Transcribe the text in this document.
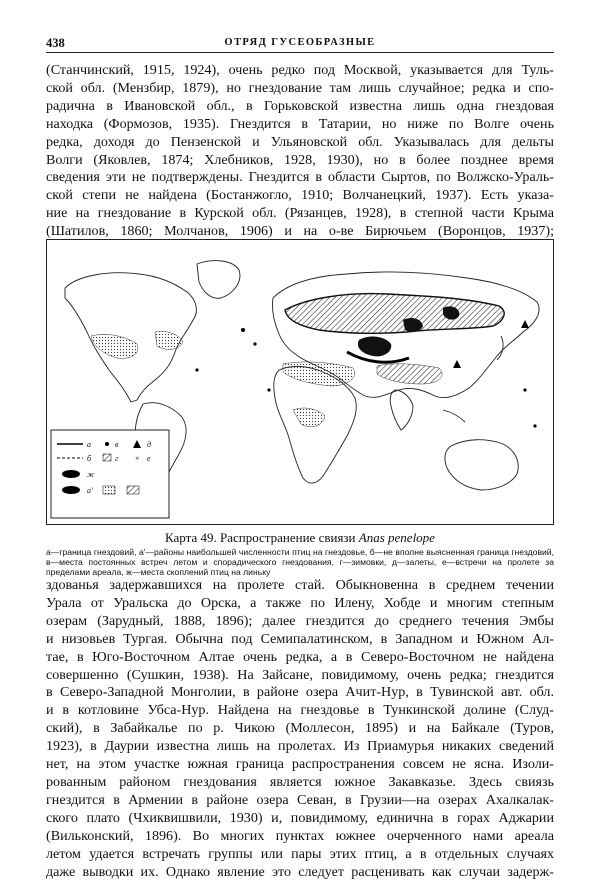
438	ОТРЯД ГУСЕОБРАЗНЫЕ
(Станчинский, 1915, 1924), очень редко под Москвой, указывается для Туль-
ской обл. (Мензбир, 1879), но гнездование там лишь случайное; редка и спо-
радична в Ивановской обл., в Горьковской известна лишь одна гнездовая
находка (Формозов, 1935). Гнездится в Татарии, но ниже по Волге очень
редка, доходя до Пензенской и Ульяновской обл. Указывалась для дельты
Волги (Яковлев, 1874; Хлебников, 1928, 1930), но в более позднее время
сведения эти не подтверждены. Гнездится в области Сыртов, по Волжско-Ураль-
ской степи не найдена (Бостанжогло, 1910; Волчанецкий, 1937). Есть указа-
ние на гнездование в Курской обл. (Рязанцев, 1928), в степной части Крыма
(Шатилов, 1860; Молчанов, 1906) и на о-ве Бирючьем (Воронцов, 1937);
а
б
в
г
д
× е
ж
а'
Карта 49. Распространение свиязи Anas penelope
а—граница гнездовий, а'—районы наибольшей численности птиц на гнездовье, б—не вполне выясненная граница гнездовий, в—места постоянных встреч летом и спорадического гнездования, г—зимовки, д—залеты, е—встречи на пролете за пределами ареала, ж—места скоплений птиц на линьку
здованья задержавшихся на пролете стай. Обыкновенна в среднем течении
Урала от Уральска до Орска, а также по Илену, Хобде и многим степным
озерам (Зарудный, 1888, 1896); далее гнездится до среднего течения Эмбы
и низовьев Тургая. Обычна под Семипалатинском, в Западном и Южном Ал-
тае, в Юго-Восточном Алтае очень редка, а в Северо-Восточном не найдена
совершенно (Сушкин, 1938). На Зайсане, повидимому, очень редка; гнездится
в Северо-Западной Монголии, в районе озера Ачит-Нур, в Тувинской авт. обл.
и в котловине Убса-Нур. Найдена на гнездовье в Тункинской долине (Слуд-
ский), в Забайкалье по р. Чикою (Моллесон, 1895) и на Байкале (Туров,
1923), в Даурии известна лишь на пролетах. Из Приамурья никаких сведений
нет, на этом участке южная граница распространения совсем не ясна. Изоли-
рованным районом гнездования является южное Закавказье. Здесь свиязь
гнездится в Армении в районе озера Севан, в Грузии—на озерах Ахалкалак-
ского плато (Чхиквишвили, 1930) и, повидимому, единична в горах Аджарии
(Вильконский, 1896). Во многих пунктах южнее очерченного нами ареала
летом удается встречать группы или пары этих птиц, а в отдельных случаях
даже выводки их. Однако явление это следует расценивать как случаи задерж-
